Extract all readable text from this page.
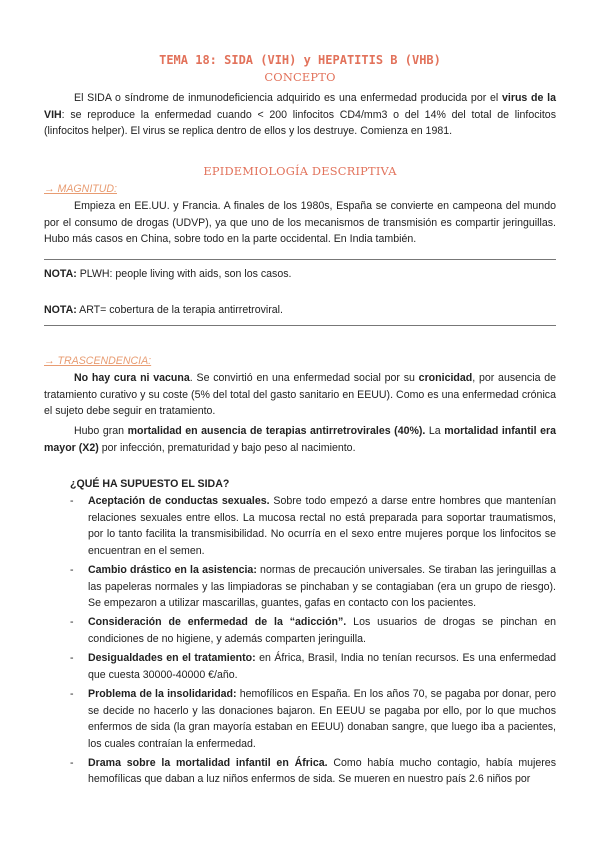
TEMA 18: SIDA (VIH) y HEPATITIS B (VHB)
CONCEPTO

El SIDA o síndrome de inmunodeficiencia adquirido es una enfermedad producida por el virus de la VIH: se reproduce la enfermedad cuando < 200 linfocitos CD4/mm3 o del 14% del total de linfocitos (linfocitos helper). El virus se replica dentro de ellos y los destruye. Comienza en 1981.

EPIDEMIOLOGÍA DESCRIPTIVA
→ MAGNITUD:

Empieza en EE.UU. y Francia. A finales de los 1980s, España se convierte en campeona del mundo por el consumo de drogas (UDVP), ya que uno de los mecanismos de transmisión es compartir jeringuillas. Hubo más casos en China, sobre todo en la parte occidental. En India también.

NOTA: PLWH: people living with aids, son los casos.
NOTA: ART= cobertura de la terapia antirretroviral.
→ TRASCENDENCIA:

No hay cura ni vacuna. Se convirtió en una enfermedad social por su cronicidad, por ausencia de tratamiento curativo y su coste (5% del total del gasto sanitario en EEUU). Como es una enfermedad crónica el sujeto debe seguir en tratamiento.

Hubo gran mortalidad en ausencia de terapias antirretrovirales (40%). La mortalidad infantil era mayor (X2) por infección, prematuridad y bajo peso al nacimiento.

¿QUÉ HA SUPUESTO EL SIDA?
- Aceptación de conductas sexuales. Sobre todo empezó a darse entre hombres que mantenían relaciones sexuales entre ellos. La mucosa rectal no está preparada para soportar traumatismos, por lo tanto facilita la transmisibilidad. No ocurría en el sexo entre mujeres porque los linfocitos se encuentran en el semen.
- Cambio drástico en la asistencia: normas de precaución universales. Se tiraban las jeringuillas a las papeleras normales y las limpiadoras se pinchaban y se contagiaban (era un grupo de riesgo). Se empezaron a utilizar mascarillas, guantes, gafas en contacto con los pacientes.
- Consideración de enfermedad de la “adicción”. Los usuarios de drogas se pinchan en condiciones de no higiene, y además comparten jeringuilla.
- Desigualdades en el tratamiento: en África, Brasil, India no tenían recursos. Es una enfermedad que cuesta 30000-40000 €/año.
- Problema de la insolidaridad: hemofílicos en España. En los años 70, se pagaba por donar, pero se decide no hacerlo y las donaciones bajaron. En EEUU se pagaba por ello, por lo que muchos enfermos de sida (la gran mayoría estaban en EEUU) donaban sangre, que luego iba a pacientes, los cuales contraían la enfermedad.
- Drama sobre la mortalidad infantil en África. Como había mucho contagio, había mujeres hemofílicas que daban a luz niños enfermos de sida. Se mueren en nuestro país 2.6 niños por
